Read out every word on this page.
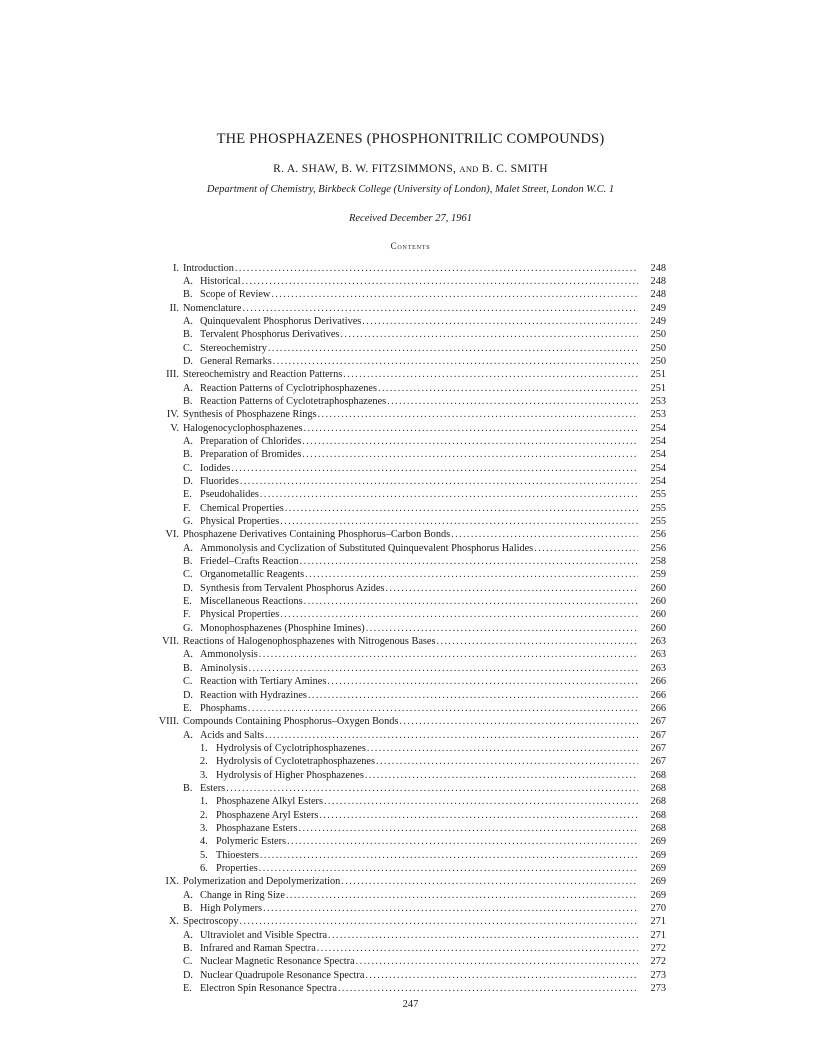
THE PHOSPHAZENES (PHOSPHONITRILIC COMPOUNDS)
R. A. SHAW, B. W. FITZSIMMONS, AND B. C. SMITH
Department of Chemistry, Birkbeck College (University of London), Malet Street, London W.C. 1
Received December 27, 1961
Contents
I. Introduction . . .	248
A. Historical . . .	248
B. Scope of Review . . .	248
II. Nomenclature . . .	249
A. Quinquevalent Phosphorus Derivatives . . .	249
B. Tervalent Phosphorus Derivatives . . .	250
C. Stereochemistry . . .	250
D. General Remarks . . .	250
III. Stereochemistry and Reaction Patterns . . .	251
A. Reaction Patterns of Cyclotriphosphazenes . . .	251
B. Reaction Patterns of Cyclotetraphosphazenes . . .	253
IV. Synthesis of Phosphazene Rings . . .	253
V. Halogenocyclophosphazenes . . .	254
A. Preparation of Chlorides . . .	254
B. Preparation of Bromides . . .	254
C. Iodides . . .	254
D. Fluorides . . .	254
E. Pseudohalides . . .	255
F. Chemical Properties . . .	255
G. Physical Properties . . .	255
VI. Phosphazene Derivatives Containing Phosphorus–Carbon Bonds . . .	256
A. Ammonolysis and Cyclization of Substituted Quinquevalent Phosphorus Halides . . .	256
B. Friedel–Crafts Reaction . . .	258
C. Organometallic Reagents . . .	259
D. Synthesis from Tervalent Phosphorus Azides . . .	260
E. Miscellaneous Reactions . . .	260
F. Physical Properties . . .	260
G. Monophosphazenes (Phosphine Imines) . . .	260
VII. Reactions of Halogenophosphazenes with Nitrogenous Bases . . .	263
A. Ammonolysis . . .	263
B. Aminolysis . . .	263
C. Reaction with Tertiary Amines . . .	266
D. Reaction with Hydrazines . . .	266
E. Phosphams . . .	266
VIII. Compounds Containing Phosphorus–Oxygen Bonds . . .	267
A. Acids and Salts . . .	267
1. Hydrolysis of Cyclotriphosphazenes . . .	267
2. Hydrolysis of Cyclotetraphosphazenes . . .	267
3. Hydrolysis of Higher Phosphazenes . . .	268
B. Esters . . .	268
1. Phosphazene Alkyl Esters . . .	268
2. Phosphazene Aryl Esters . . .	268
3. Phosphazane Esters . . .	268
4. Polymeric Esters . . .	269
5. Thioesters . . .	269
6. Properties . . .	269
IX. Polymerization and Depolymerization . . .	269
A. Change in Ring Size . . .	269
B. High Polymers . . .	270
X. Spectroscopy . . .	271
A. Ultraviolet and Visible Spectra . . .	271
B. Infrared and Raman Spectra . . .	272
C. Nuclear Magnetic Resonance Spectra . . .	272
D. Nuclear Quadrupole Resonance Spectra . . .	273
E. Electron Spin Resonance Spectra . . .	273
247
